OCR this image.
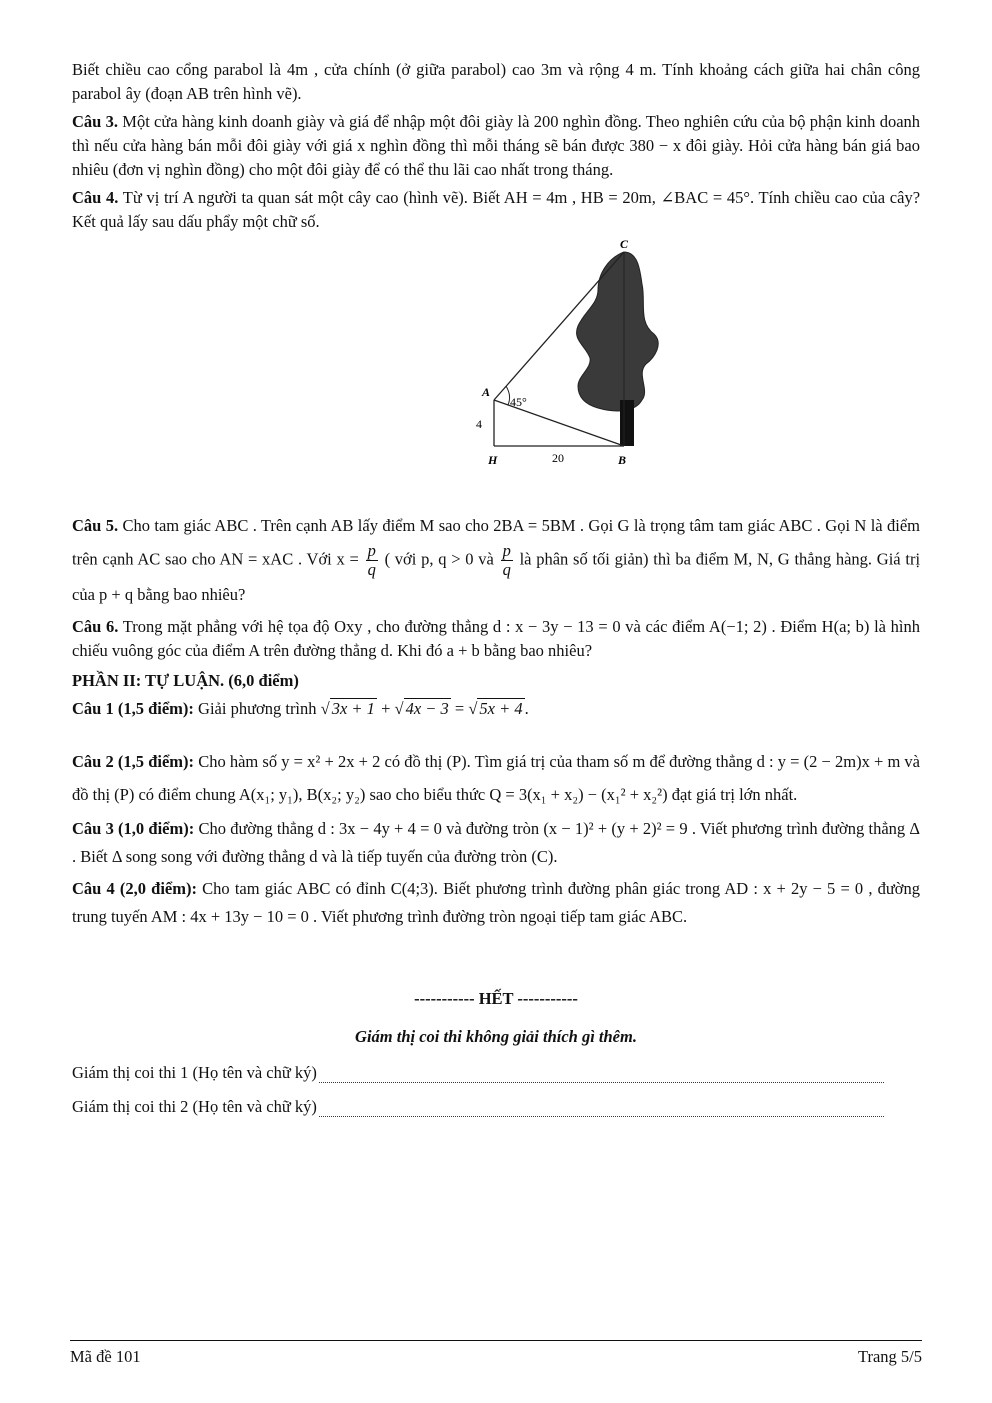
Biết chiều cao cổng parabol là 4m , cửa chính (ở giữa parabol) cao 3m và rộng 4 m. Tính khoảng cách giữa hai chân công parabol ây (đoạn AB trên hình vẽ).

Câu 3. Một cửa hàng kinh doanh giày và giá để nhập một đôi giày là 200 nghìn đồng. Theo nghiên cứu của bộ phận kinh doanh thì nếu cửa hàng bán mỗi đôi giày với giá x nghìn đồng thì mỗi tháng sẽ bán được 380 − x đôi giày. Hỏi cửa hàng bán giá bao nhiêu (đơn vị nghìn đồng) cho một đôi giày để có thể thu lãi cao nhất trong tháng.

Câu 4. Từ vị trí A người ta quan sát một cây cao (hình vẽ). Biết AH = 4m , HB = 20m, ∠BAC = 45°. Tính chiều cao của cây? Kết quả lấy sau dấu phẩy một chữ số.

C
A
45°
4
H	20	B

Câu 5. Cho tam giác ABC . Trên cạnh AB lấy điểm M sao cho 2BA = 5BM . Gọi G là trọng tâm tam giác ABC . Gọi N là điểm trên cạnh AC sao cho AN = xAC . Với $x = \frac{p}{q}$ ( với p, q > 0 và $\frac{p}{q}$ là phân số tối giản) thì ba điểm M, N, G thẳng hàng. Giá trị của p + q bằng bao nhiêu?

Câu 6. Trong mặt phẳng với hệ tọa độ Oxy , cho đường thẳng d : x − 3y − 13 = 0 và các điểm A(−1; 2) . Điểm H(a; b) là hình chiếu vuông góc của điểm A trên đường thẳng d. Khi đó a + b bằng bao nhiêu?

PHẦN II: TỰ LUẬN. (6,0 điểm)

Câu 1 (1,5 điểm): Giải phương trình √ 3x + 1 + √ 4x − 3 = √ 5x + 4 .

Câu 2 (1,5 điểm): Cho hàm số y = x² + 2x + 2 có đồ thị (P). Tìm giá trị của tham số m để đường thẳng d : y = (2 − 2m)x + m và đồ thị (P) có điểm chung A(x₁; y₁), B(x₂; y₂) sao cho biểu thức Q = 3(x₁ + x₂) − (x₁² + x₂²) đạt giá trị lớn nhất.

Câu 3 (1,0 điểm): Cho đường thẳng d : 3x − 4y + 4 = 0 và đường tròn (x − 1)² + (y + 2)² = 9 . Viết phương trình đường thẳng Δ . Biết Δ song song với đường thẳng d và là tiếp tuyến của đường tròn (C).

Câu 4 (2,0 điểm): Cho tam giác ABC có đỉnh C(4;3). Biết phương trình đường phân giác trong AD : x + 2y − 5 = 0 , đường trung tuyến AM : 4x + 13y − 10 = 0 . Viết phương trình đường tròn ngoại tiếp tam giác ABC.

----------- HẾT -----------

Giám thị coi thi không giải thích gì thêm.

Giám thị coi thi 1 (Họ tên và chữ ký)
Giám thị coi thi 2 (Họ tên và chữ ký)
Mã đề 101	Trang 5/5
